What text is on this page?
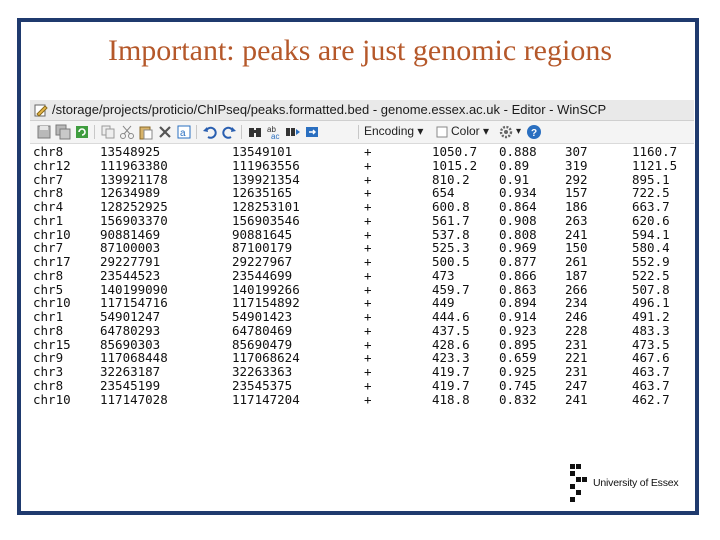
Important: peaks are just genomic regions
/storage/projects/proticio/ChIPseq/peaks.formatted.bed - genome.essex.ac.uk - Editor - WinSCP
a	ab
ac	Encoding ▾ Color ▾	▾ ?
chr8	13548925	13549101	+	1050.7 0.888 307	1160.7
chr12 111963380	111963556	+	1015.2 0.89	319	1121.5
chr7	139921178	139921354	+	810.2 0.91	292	895.1
chr8	12634989	12635165	+	654	0.934 157	722.5
chr4	128252925	128253101	+	600.8 0.864 186	663.7
chr1	156903370	156903546	+	561.7 0.908 263	620.6
chr10 90881469	90881645	+	537.8 0.808 241	594.1
chr7	87100003	87100179	+	525.3 0.969 150	580.4
chr17 29227791	29227967	+	500.5 0.877 261	552.9
chr8	23544523	23544699	+	473	0.866 187	522.5
chr5	140199090	140199266	+	459.7 0.863 266	507.8
chr10 117154716	117154892	+	449	0.894 234	496.1
chr1	54901247	54901423	+	444.6 0.914 246	491.2
chr8	64780293	64780469	+	437.5 0.923 228	483.3
chr15 85690303	85690479	+	428.6 0.895 231	473.5
chr9	117068448	117068624	+	423.3 0.659 221	467.6
chr3	32263187	32263363	+	419.7 0.925 231	463.7
chr8	23545199	23545375	+	419.7 0.745 247	463.7
chr10 117147028	117147204	+	418.8 0.832 241	462.7
University of Essex
